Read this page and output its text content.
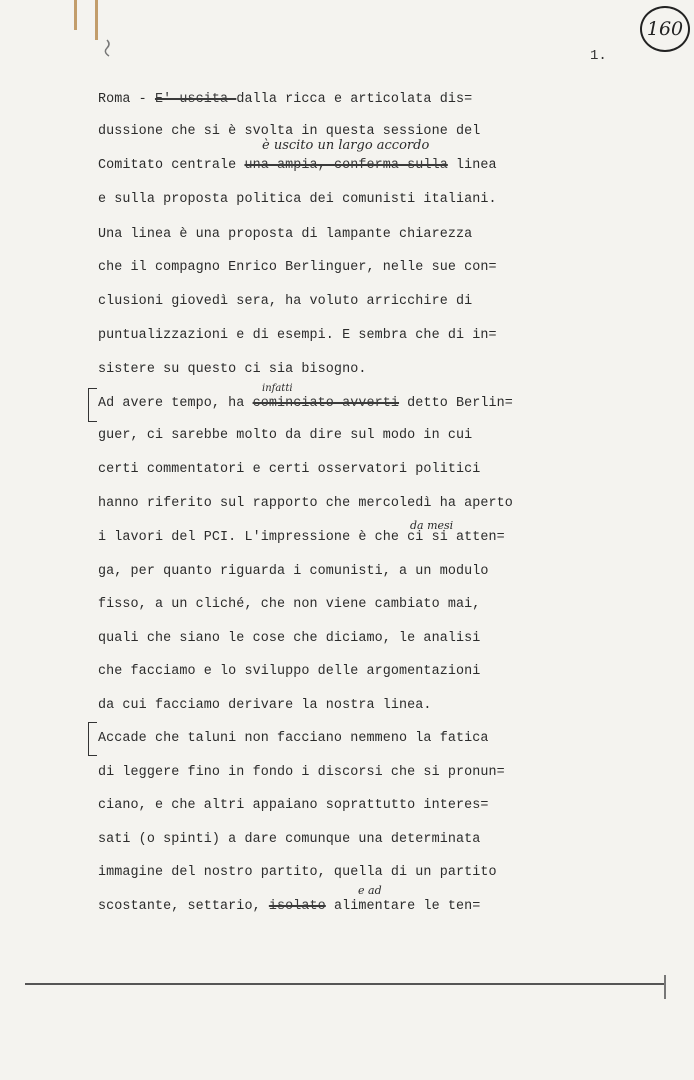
160
1.
è uscito un largo accordo
infatti
da mesi
e ad
Roma - E' uscita dalla ricca e articolata dis=
dussione che si è svolta in questa sessione del
Comitato centrale una ampia, conferma sulla linea
e sulla proposta politica dei comunisti italiani.
Una linea è una proposta di lampante chiarezza
che il compagno Enrico Berlinguer, nelle sue con=
clusioni giovedì sera, ha voluto arricchire di
puntualizzazioni e di esempi. E sembra che di in=
sistere su questo ci sia bisogno.
Ad avere tempo, ha cominciato avverti detto Berlin=
guer, ci sarebbe molto da dire sul modo in cui
certi commentatori e certi osservatori politici
hanno riferito sul rapporto che mercoledì ha aperto
i lavori del PCI. L'impressione è che ci si atten=
ga, per quanto riguarda i comunisti, a un modulo
fisso, a un cliché, che non viene cambiato mai,
quali che siano le cose che diciamo, le analisi
che facciamo e lo sviluppo delle argomentazioni
da cui facciamo derivare la nostra linea.
Accade che taluni non facciano nemmeno la fatica
di leggere fino in fondo i discorsi che si pronun=
ciano, e che altri appaiano soprattutto interes=
sati (o spinti) a dare comunque una determinata
immagine del nostro partito, quella di un partito
scostante, settario, isolato alimentare le ten=
